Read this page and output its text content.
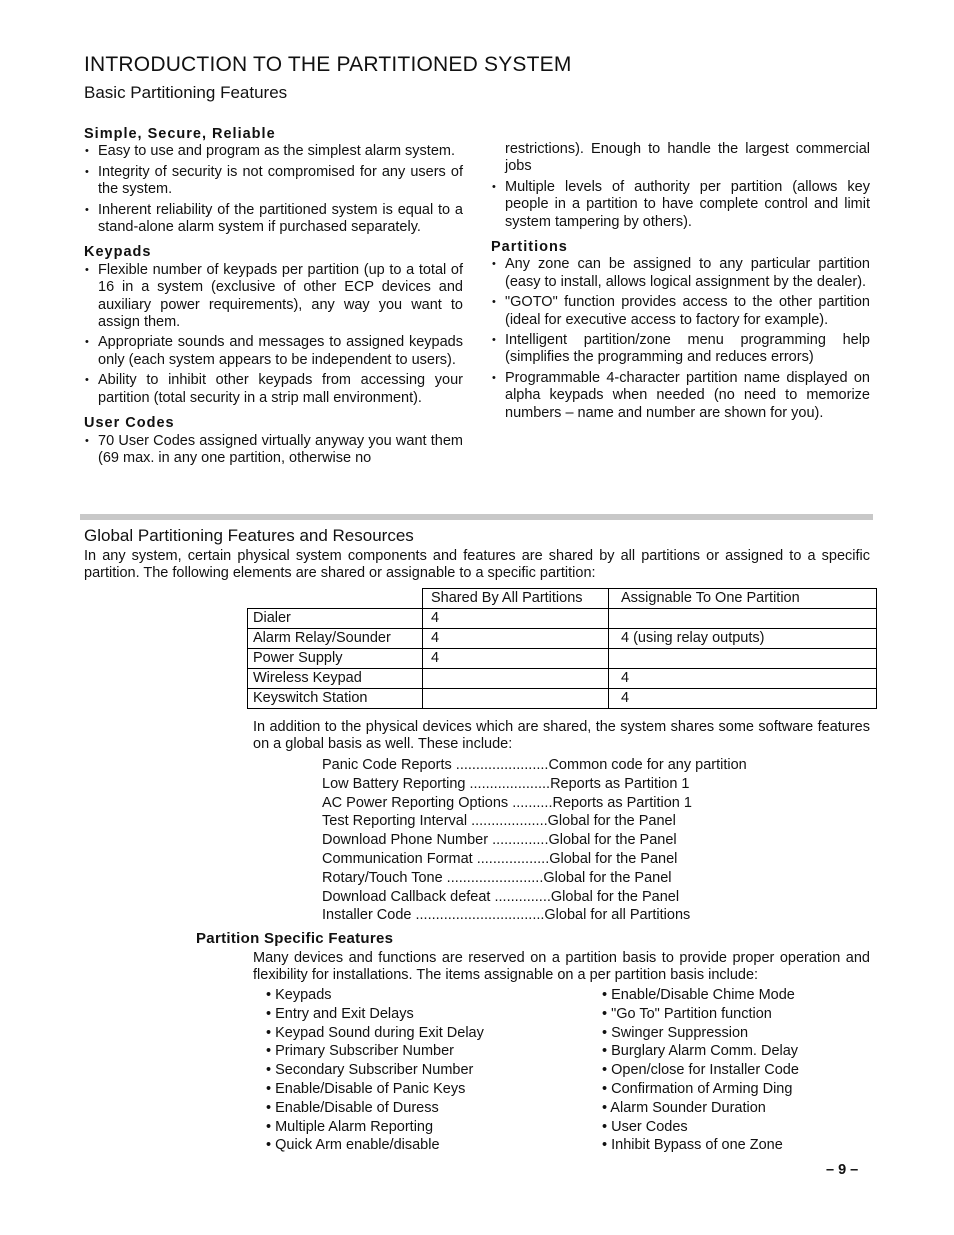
INTRODUCTION TO THE PARTITIONED SYSTEM
Basic Partitioning Features
Simple, Secure, Reliable
• Easy to use and program as the simplest alarm system.
• Integrity of security is not compromised for any users of the system.
• Inherent reliability of the partitioned system is equal to a stand-alone alarm system if purchased separately.
Keypads
• Flexible number of keypads per partition (up to a total of 16 in a system (exclusive of other ECP devices and auxiliary power requirements), any way you want to assign them.
• Appropriate sounds and messages to assigned keypads only (each system appears to be independent to users).
• Ability to inhibit other keypads from accessing your partition (total security in a strip mall environment).
User Codes
• 70 User Codes assigned virtually anyway you want them (69 max. in any one partition, otherwise no
restrictions). Enough to handle the largest commercial jobs
• Multiple levels of authority per partition (allows key people in a partition to have complete control and limit system tampering by others).
Partitions
• Any zone can be assigned to any particular partition (easy to install, allows logical assignment by the dealer).
• "GOTO" function provides access to the other partition (ideal for executive access to factory for example).
• Intelligent partition/zone menu programming help (simplifies the programming and reduces errors)
• Programmable 4-character partition name displayed on alpha keypads when needed (no need to memorize numbers – name and number are shown for you).
Global Partitioning Features and Resources
In any system, certain physical system components and features are shared by all partitions or assigned to a specific partition. The following elements are shared or assignable to a specific partition:
	Shared By All Partitions	Assignable To One Partition
Dialer	4	
Alarm Relay/Sounder	4	4 (using relay outputs)
Power Supply	4	
Wireless Keypad		4
Keyswitch Station		4
In addition to the physical devices which are shared, the system shares some software features on a global basis as well. These include:
Panic Code Reports .......................Common code for any partition
Low Battery Reporting ....................Reports as Partition 1
AC Power Reporting Options ..........Reports as Partition 1
Test Reporting Interval ...................Global for the Panel
Download Phone Number ..............Global for the Panel
Communication Format ..................Global for the Panel
Rotary/Touch Tone ........................Global for the Panel
Download Callback defeat ..............Global for the Panel
Installer Code ................................Global for all Partitions
Partition Specific Features
Many devices and functions are reserved on a partition basis to provide proper operation and flexibility for installations. The items assignable on a per partition basis include:
• Keypads
• Entry and Exit Delays
• Keypad Sound during Exit Delay
• Primary Subscriber Number
• Secondary Subscriber Number
• Enable/Disable of Panic Keys
• Enable/Disable of Duress
• Multiple Alarm Reporting
• Quick Arm enable/disable
• Enable/Disable Chime Mode
• "Go To" Partition function
• Swinger Suppression
• Burglary Alarm Comm. Delay
• Open/close for Installer Code
• Confirmation of Arming Ding
• Alarm Sounder Duration
• User Codes
• Inhibit Bypass of one Zone
– 9 –
